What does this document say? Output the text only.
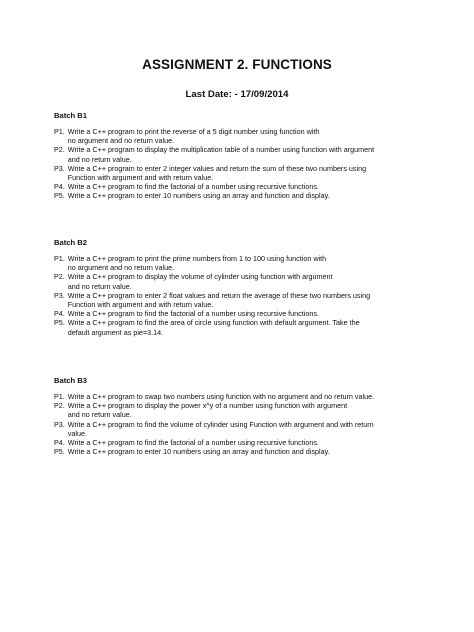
ASSIGNMENT 2. FUNCTIONS
Last Date: - 17/09/2014
Batch B1
P1. Write a C++ program to print the reverse of a 5 digit number using function with
no argument and no return value.
P2. Write a C++ program to display the multiplication table of a number using function with argument
and no return value.
P3. Write a C++ program to enter 2 integer values and return the sum of these two numbers using
Function with argument and with return value.
P4. Write a C++ program to find the factorial of a number using recursive functions.
P5. Write a C++ program to enter 10 numbers using an array and function and display.
Batch B2
P1. Write a C++ program to print the prime numbers from 1 to 100 using function with
no argument and no return value.
P2. Write a C++ program to display the volume of cylinder using function with argument
and no return value.
P3. Write a C++ program to enter 2 float values and return the average of these two numbers using
Function with argument and with return value.
P4. Write a C++ program to find the factorial of a number using recursive functions.
P5. Write a C++ program to find the area of circle using function with default argument. Take the
default argument as pie=3.14.
Batch B3
P1. Write a C++ program to swap two numbers using function with no argument and no return value.
P2. Write a C++ program to display the power x^y of a number using function with argument
and no return value.
P3. Write a C++ program to find the volume of cylinder using Function with argument and with return
value.
P4. Write a C++ program to find the factorial of a number using recursive functions.
P5. Write a C++ program to enter 10 numbers using an array and function and display.
